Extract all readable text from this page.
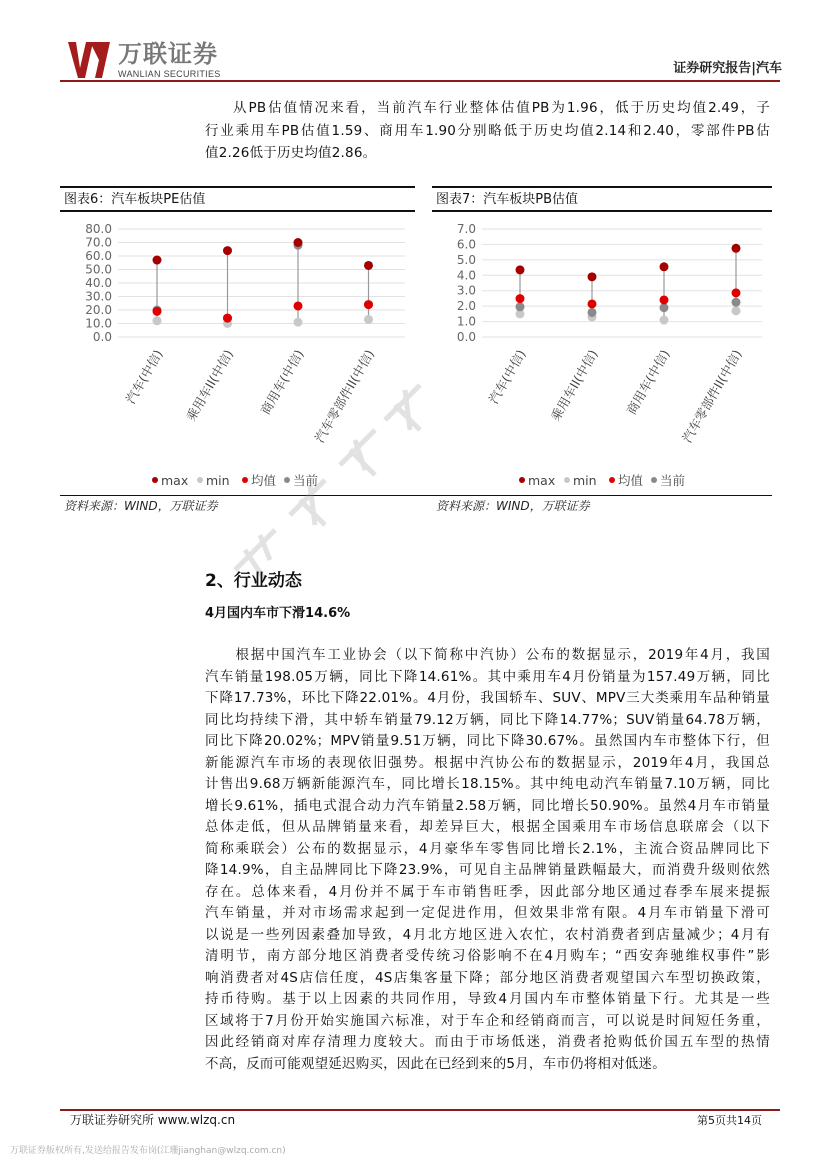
万联证券
WANLIAN SECURITIES	证券研究报告|汽车
从PB估值情况来看，当前汽车行业整体估值PB为1.96，低于历史均值2.49，子
行业乘用车PB估值1.59、商用车1.90分别略低于历史均值2.14和2.40，零部件PB估
值2.26低于历史均值2.86。
图表6：汽车板块PE估值
80.0
70.0
60.0
50.0
40.0
30.0
20.0
10.0
0.0
汽车(中信) 乘用车II(中信) 商用车(中信) 汽车零部件II(中信)
max min 均值 当前
图表7：汽车板块PB估值
7.0
6.0
5.0
4.0
3.0
2.0
1.0
0.0
汽车(中信) 乘用车II(中信) 商用车(中信) 汽车零部件II(中信)
max min 均值 当前
资料来源：WIND，万联证券	资料来源：WIND，万联证券
2、行业动态
4月国内车市下滑14.6%
　　根据中国汽车工业协会（以下简称中汽协）公布的数据显示，2019年4月，我国
汽车销量198.05万辆，同比下降14.61%。其中乘用车4月份销量为157.49万辆，同比
下降17.73%，环比下降22.01%。4月份，我国轿车、SUV、MPV三大类乘用车品种销量
同比均持续下滑，其中轿车销量79.12万辆，同比下降14.77%；SUV销量64.78万辆，
同比下降20.02%；MPV销量9.51万辆，同比下降30.67%。虽然国内车市整体下行，但
新能源汽车市场的表现依旧强势。根据中汽协公布的数据显示，2019年4月，我国总
计售出9.68万辆新能源汽车，同比增长18.15%。其中纯电动汽车销量7.10万辆，同比
增长9.61%，插电式混合动力汽车销量2.58万辆，同比增长50.90%。虽然4月车市销量
总体走低，但从品牌销量来看，却差异巨大，根据全国乘用车市场信息联席会（以下
简称乘联会）公布的数据显示，4月豪华车零售同比增长2.1%，主流合资品牌同比下
降14.9%，自主品牌同比下降23.9%，可见自主品牌销量跌幅最大，而消费升级则依然
存在。总体来看，4月份并不属于车市销售旺季，因此部分地区通过春季车展来提振
汽车销量，并对市场需求起到一定促进作用，但效果非常有限。4月车市销量下滑可
以说是一些列因素叠加导致，4月北方地区进入农忙，农村消费者到店量减少；4月有
清明节，南方部分地区消费者受传统习俗影响不在4月购车；“西安奔驰维权事件”影
响消费者对4S店信任度，4S店集客量下降；部分地区消费者观望国六车型切换政策，
持币待购。基于以上因素的共同作用，导致4月国内车市整体销量下行。尤其是一些
区域将于7月份开始实施国六标准，对于车企和经销商而言，可以说是时间短任务重，
因此经销商对库存清理力度较大。而由于市场低迷，消费者抢购低价国五车型的热情
不高，反而可能观望延迟购买，因此在已经到来的5月，车市仍将相对低迷。
万联证券研究所 www.wlzq.cn	第5页共14页
万联证券版权所有,发送给报告发布岗(江珊jianghan@wlzq.com.cn)
